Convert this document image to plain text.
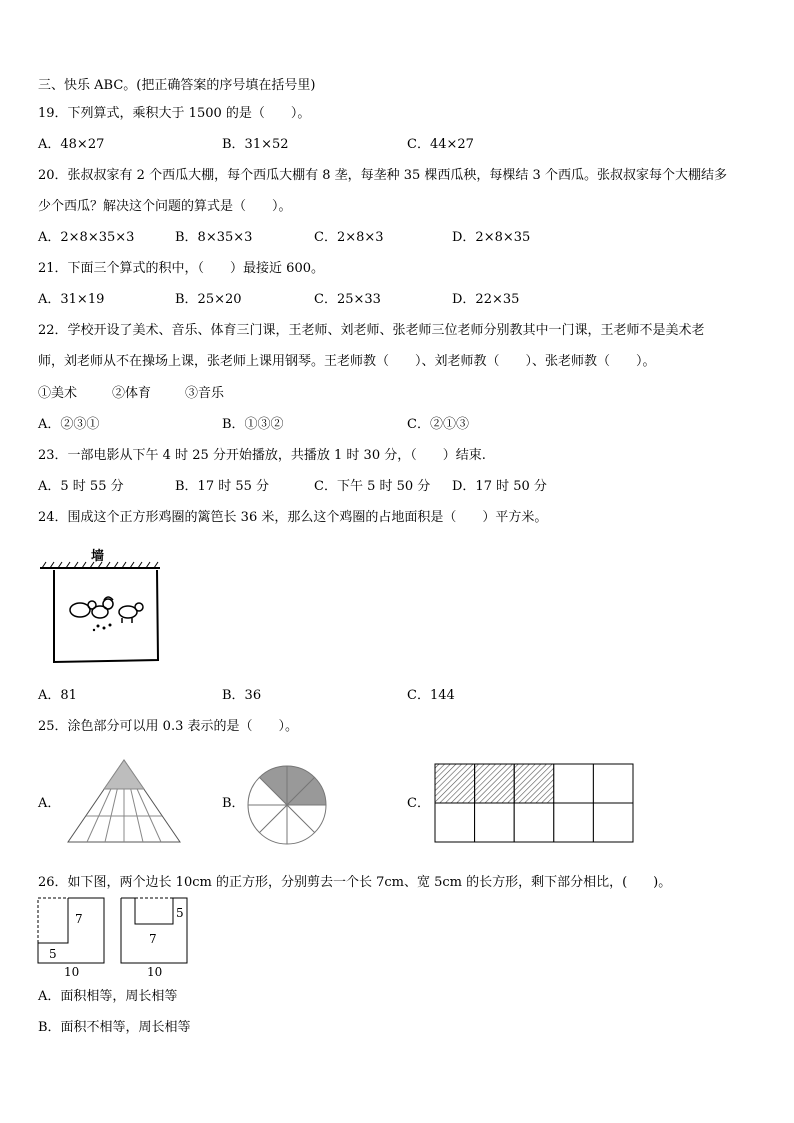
三、快乐 ABC。(把正确答案的序号填在括号里)
19．下列算式，乘积大于 1500 的是（　　）。
A．48×27	B．31×52	C．44×27
20．张叔叔家有 2 个西瓜大棚，每个西瓜大棚有 8 垄，每垄种 35 棵西瓜秧，每棵结 3 个西瓜。张叔叔家每个大棚结多
少个西瓜？解决这个问题的算式是（　　）。
A．2×8×35×3	B．8×35×3	C．2×8×3	D．2×8×35
21．下面三个算式的积中，（　　）最接近 600。
A．31×19	B．25×20	C．25×33	D．22×35
22．学校开设了美术、音乐、体育三门课，王老师、刘老师、张老师三位老师分别教其中一门课，王老师不是美术老
师，刘老师从不在操场上课，张老师上课用钢琴。王老师教（　　）、刘老师教（　　）、张老师教（　　）。
①美术	②体育	③音乐
A．②③①	B．①③②	C．②①③
23．一部电影从下午 4 时 25 分开始播放，共播放 1 时 30 分，（　　）结束.
A．5 时 55 分	B．17 时 55 分	C．下午 5 时 50 分 D．17 时 50 分
24．围成这个正方形鸡圈的篱笆长 36 米，那么这个鸡圈的占地面积是（　　）平方米。
墙
A．81	B．36	C．144
25．涂色部分可以用 0.3 表示的是（　　）。
A．	B．	C．
26．如下图，两个边长 10cm 的正方形，分别剪去一个长 7cm、宽 5cm 的长方形，剩下部分相比，(　　)。
7
5
10
5
7
10
A．面积相等，周长相等
B．面积不相等，周长相等
